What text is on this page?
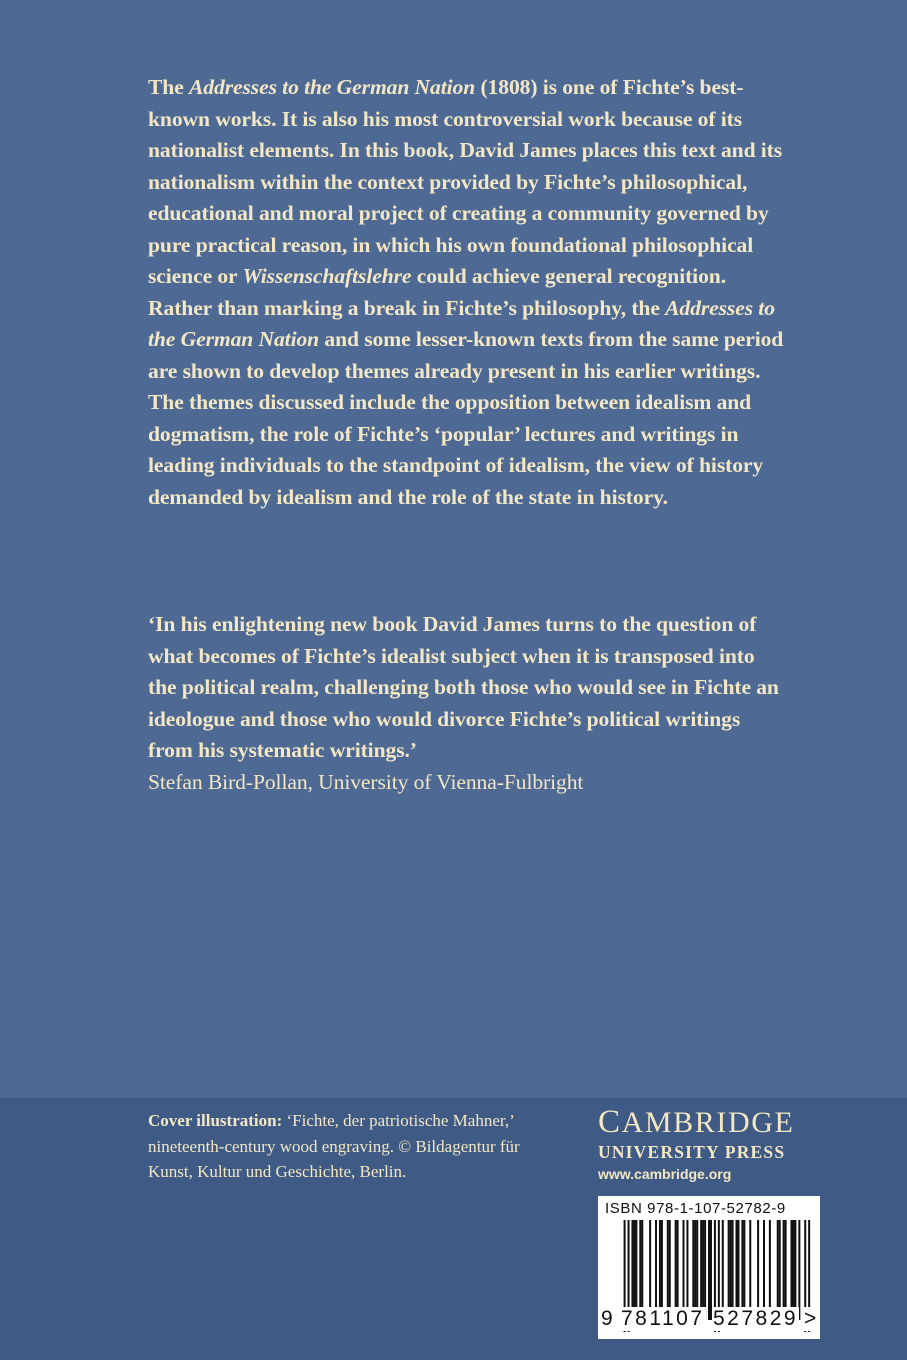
The Addresses to the German Nation (1808) is one of Fichte’s best-known works. It is also his most controversial work because of its nationalist elements. In this book, David James places this text and its nationalism within the context provided by Fichte’s philosophical, educational and moral project of creating a community governed by pure practical reason, in which his own foundational philosophical science or Wissenschaftslehre could achieve general recognition. Rather than marking a break in Fichte’s philosophy, the Addresses to the German Nation and some lesser-known texts from the same period are shown to develop themes already present in his earlier writings. The themes discussed include the opposition between idealism and dogmatism, the role of Fichte’s ‘popular’ lectures and writings in leading individuals to the standpoint of idealism, the view of history demanded by idealism and the role of the state in history.

‘In his enlightening new book David James turns to the question of what becomes of Fichte’s idealist subject when it is transposed into the political realm, challenging both those who would see in Fichte an ideologue and those who would divorce Fichte’s political writings from his systematic writings.’
Stefan Bird-Pollan, University of Vienna-Fulbright
Cover illustration: ‘Fichte, der patriotische Mahner,’ nineteenth-century wood engraving. © Bildagentur für Kunst, Kultur und Geschichte, Berlin.
CAMBRIDGE
UNIVERSITY PRESS
www.cambridge.org
ISBN 978-1-107-52782-9
9 781107 527829 >
